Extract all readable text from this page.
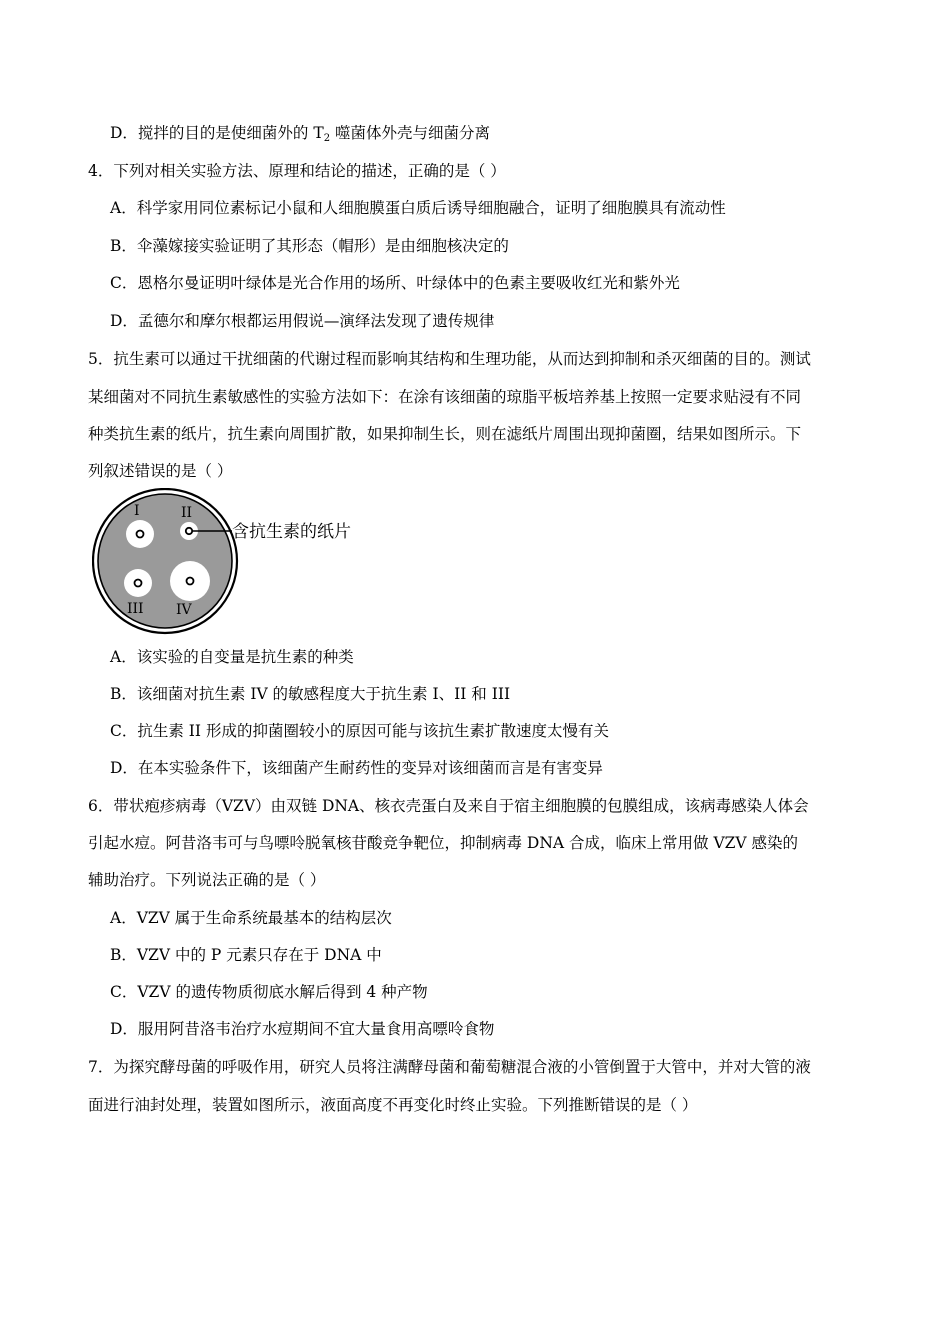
D．搅拌的目的是使细菌外的 $T_2$ 噬菌体外壳与细菌分离
4．下列对相关实验方法、原理和结论的描述，正确的是（ ）
A．科学家用同位素标记小鼠和人细胞膜蛋白质后诱导细胞融合，证明了细胞膜具有流动性
B．伞藻嫁接实验证明了其形态（帽形）是由细胞核决定的
C．恩格尔曼证明叶绿体是光合作用的场所、叶绿体中的色素主要吸收红光和紫外光
D．孟德尔和摩尔根都运用假说—演绎法发现了遗传规律
5．抗生素可以通过干扰细菌的代谢过程而影响其结构和生理功能，从而达到抑制和杀灭细菌的目的。测试
某细菌对不同抗生素敏感性的实验方法如下：在涂有该细菌的琼脂平板培养基上按照一定要求贴浸有不同
种类抗生素的纸片，抗生素向周围扩散，如果抑制生长，则在滤纸片周围出现抑菌圈，结果如图所示。下
列叙述错误的是（ ）
I	II
III IV
含抗生素的纸片
A．该实验的自变量是抗生素的种类
B．该细菌对抗生素 IV 的敏感程度大于抗生素 I、II 和 III
C．抗生素 II 形成的抑菌圈较小的原因可能与该抗生素扩散速度太慢有关
D．在本实验条件下，该细菌产生耐药性的变异对该细菌而言是有害变异
6．带状疱疹病毒（VZV）由双链 DNA、核衣壳蛋白及来自于宿主细胞膜的包膜组成，该病毒感染人体会
引起水痘。阿昔洛韦可与鸟嘌呤脱氧核苷酸竞争靶位，抑制病毒 DNA 合成，临床上常用做 VZV 感染的
辅助治疗。下列说法正确的是（ ）
A．VZV 属于生命系统最基本的结构层次
B．VZV 中的 P 元素只存在于 DNA 中
C．VZV 的遗传物质彻底水解后得到 4 种产物
D．服用阿昔洛韦治疗水痘期间不宜大量食用高嘌呤食物
7．为探究酵母菌的呼吸作用，研究人员将注满酵母菌和葡萄糖混合液的小管倒置于大管中，并对大管的液
面进行油封处理，装置如图所示，液面高度不再变化时终止实验。下列推断错误的是（ ）
